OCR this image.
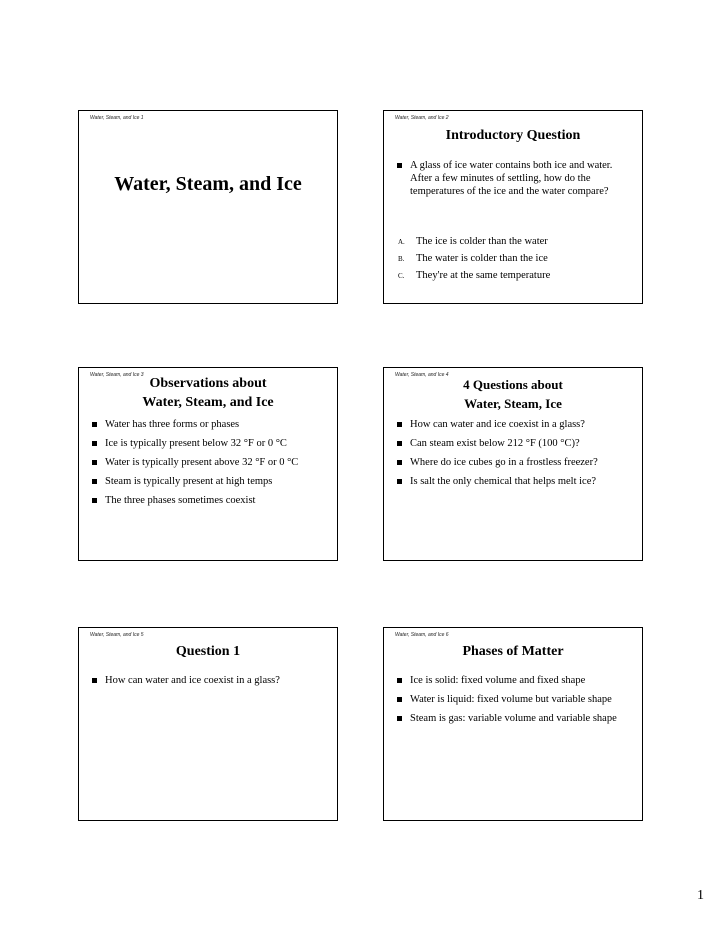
Water, Steam, and Ice 1
Water, Steam, and Ice
Water, Steam, and Ice 2
Introductory Question
A glass of ice water contains both ice and water. After a few minutes of settling, how do the temperatures of the ice and the water compare?
A. The ice is colder than the water
B. The water is colder than the ice
C. They're at the same temperature
Water, Steam, and Ice 3
Observations about
Water, Steam, and Ice
Water has three forms or phases
Ice is typically present below 32 °F or 0 °C
Water is typically present above 32 °F or 0 °C
Steam is typically present at high temps
The three phases sometimes coexist
Water, Steam, and Ice 4
4 Questions about
Water, Steam, Ice
How can water and ice coexist in a glass?
Can steam exist below 212 °F (100 °C)?
Where do ice cubes go in a frostless freezer?
Is salt the only chemical that helps melt ice?
Water, Steam, and Ice 5
Question 1
How can water and ice coexist in a glass?
Water, Steam, and Ice 6
Phases of Matter
Ice is solid: fixed volume and fixed shape
Water is liquid: fixed volume but variable shape
Steam is gas: variable volume and variable shape
1
